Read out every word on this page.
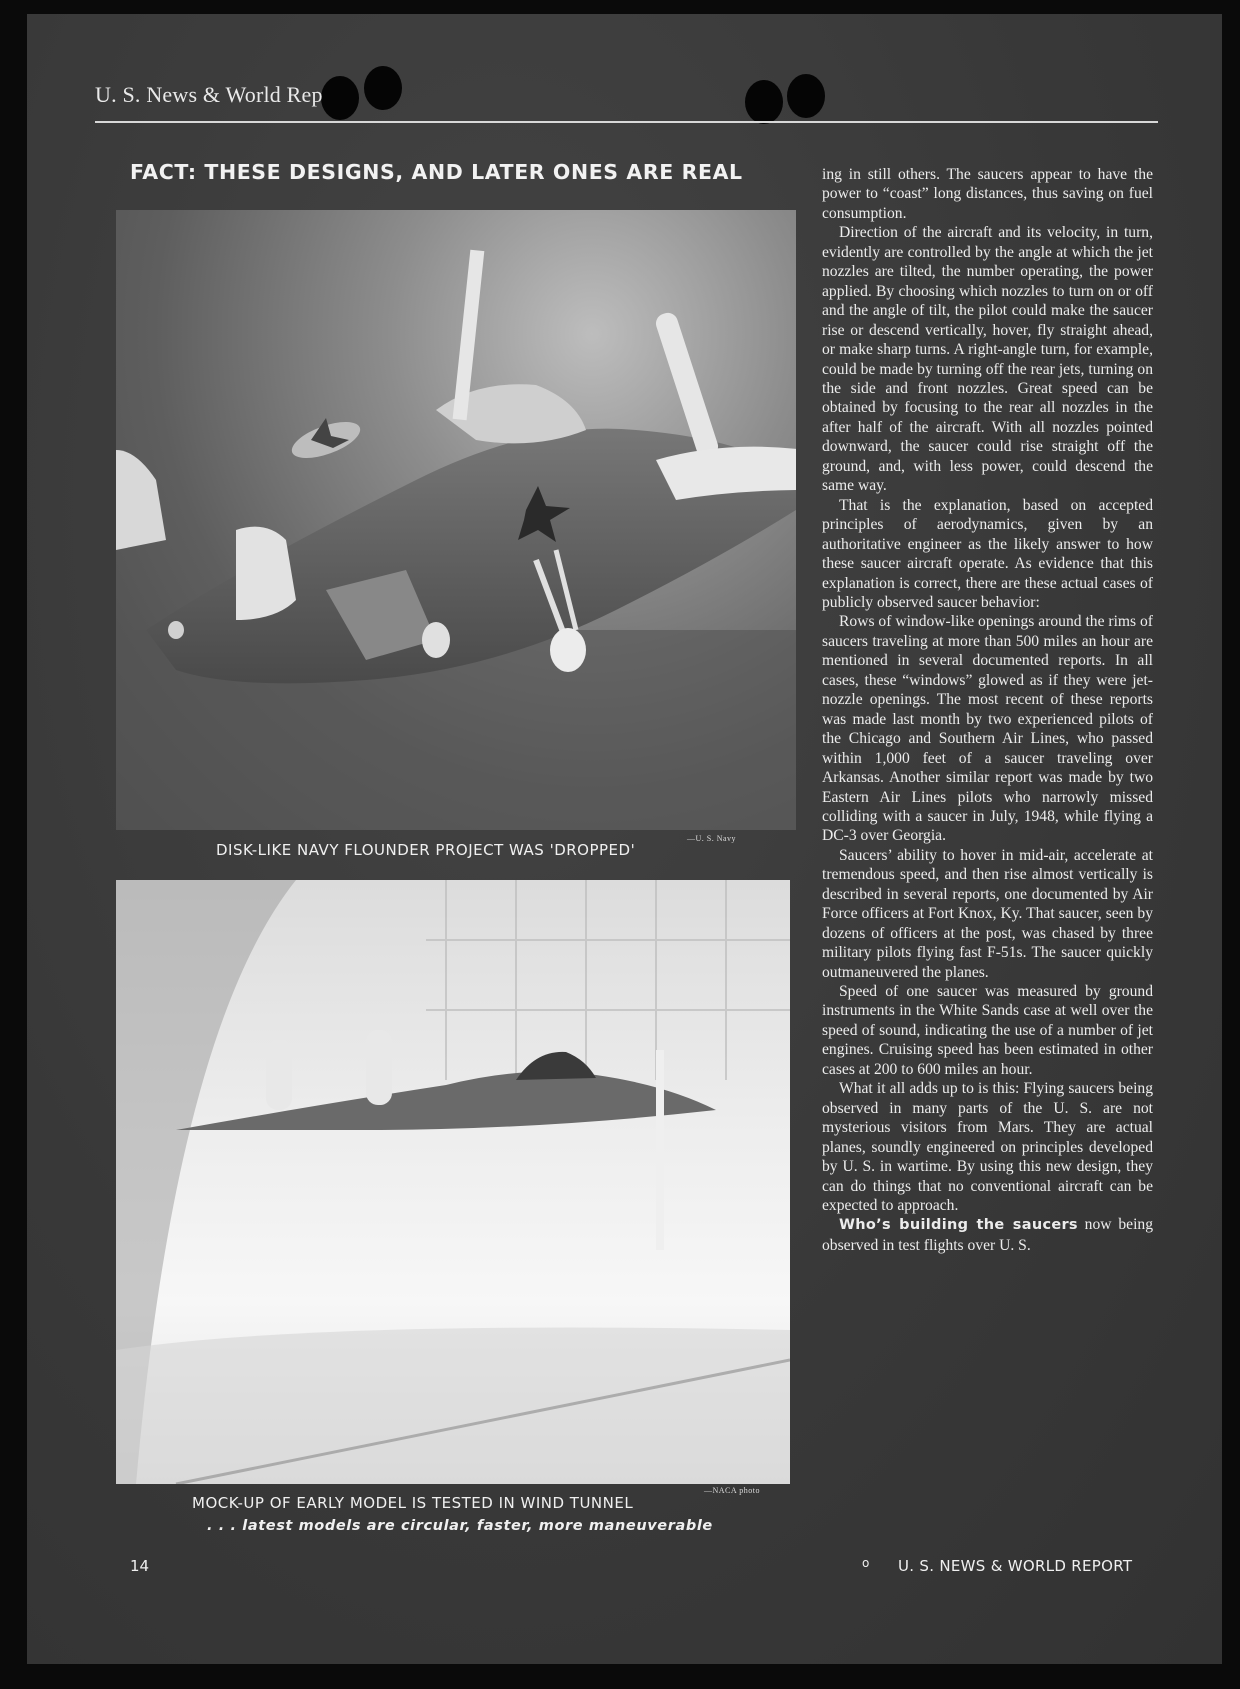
U. S. News & World Rep
FACT: THESE DESIGNS, AND LATER ONES ARE REAL
—U. S. Navy
DISK-LIKE NAVY FLOUNDER PROJECT WAS 'DROPPED'
—NACA photo
MOCK-UP OF EARLY MODEL IS TESTED IN WIND TUNNEL
. . . latest models are circular, faster, more maneuverable

ing in still others. The saucers appear to have the power to “coast” long distances, thus saving on fuel consumption.

Direction of the aircraft and its velocity, in turn, evidently are controlled by the angle at which the jet nozzles are tilted, the number operating, the power applied. By choosing which nozzles to turn on or off and the angle of tilt, the pilot could make the saucer rise or descend vertically, hover, fly straight ahead, or make sharp turns. A right-angle turn, for example, could be made by turning off the rear jets, turning on the side and front nozzles. Great speed can be obtained by focusing to the rear all nozzles in the after half of the aircraft. With all nozzles pointed downward, the saucer could rise straight off the ground, and, with less power, could descend the same way.

That is the explanation, based on accepted principles of aerodynamics, given by an authoritative engineer as the likely answer to how these saucer aircraft operate. As evidence that this explanation is correct, there are these actual cases of publicly observed saucer behavior:

Rows of window-like openings around the rims of saucers traveling at more than 500 miles an hour are mentioned in several documented reports. In all cases, these “windows” glowed as if they were jet-nozzle openings. The most recent of these reports was made last month by two experienced pilots of the Chicago and Southern Air Lines, who passed within 1,000 feet of a saucer traveling over Arkansas. Another similar report was made by two Eastern Air Lines pilots who narrowly missed colliding with a saucer in July, 1948, while flying a DC-3 over Georgia.

Saucers’ ability to hover in mid-air, accelerate at tremendous speed, and then rise almost vertically is described in several reports, one documented by Air Force officers at Fort Knox, Ky. That saucer, seen by dozens of officers at the post, was chased by three military pilots flying fast F-51s. The saucer quickly outmaneuvered the planes.

Speed of one saucer was measured by ground instruments in the White Sands case at well over the speed of sound, indicating the use of a number of jet engines. Cruising speed has been estimated in other cases at 200 to 600 miles an hour.

What it all adds up to is this: Flying saucers being observed in many parts of the U. S. are not mysterious visitors from Mars. They are actual planes, soundly engineered on principles developed by U. S. in wartime. By using this new design, they can do things that no conventional aircraft can be expected to approach.

Who’s building the saucers now being observed in test flights over U. S.

14	o U. S. NEWS & WORLD REPORT
